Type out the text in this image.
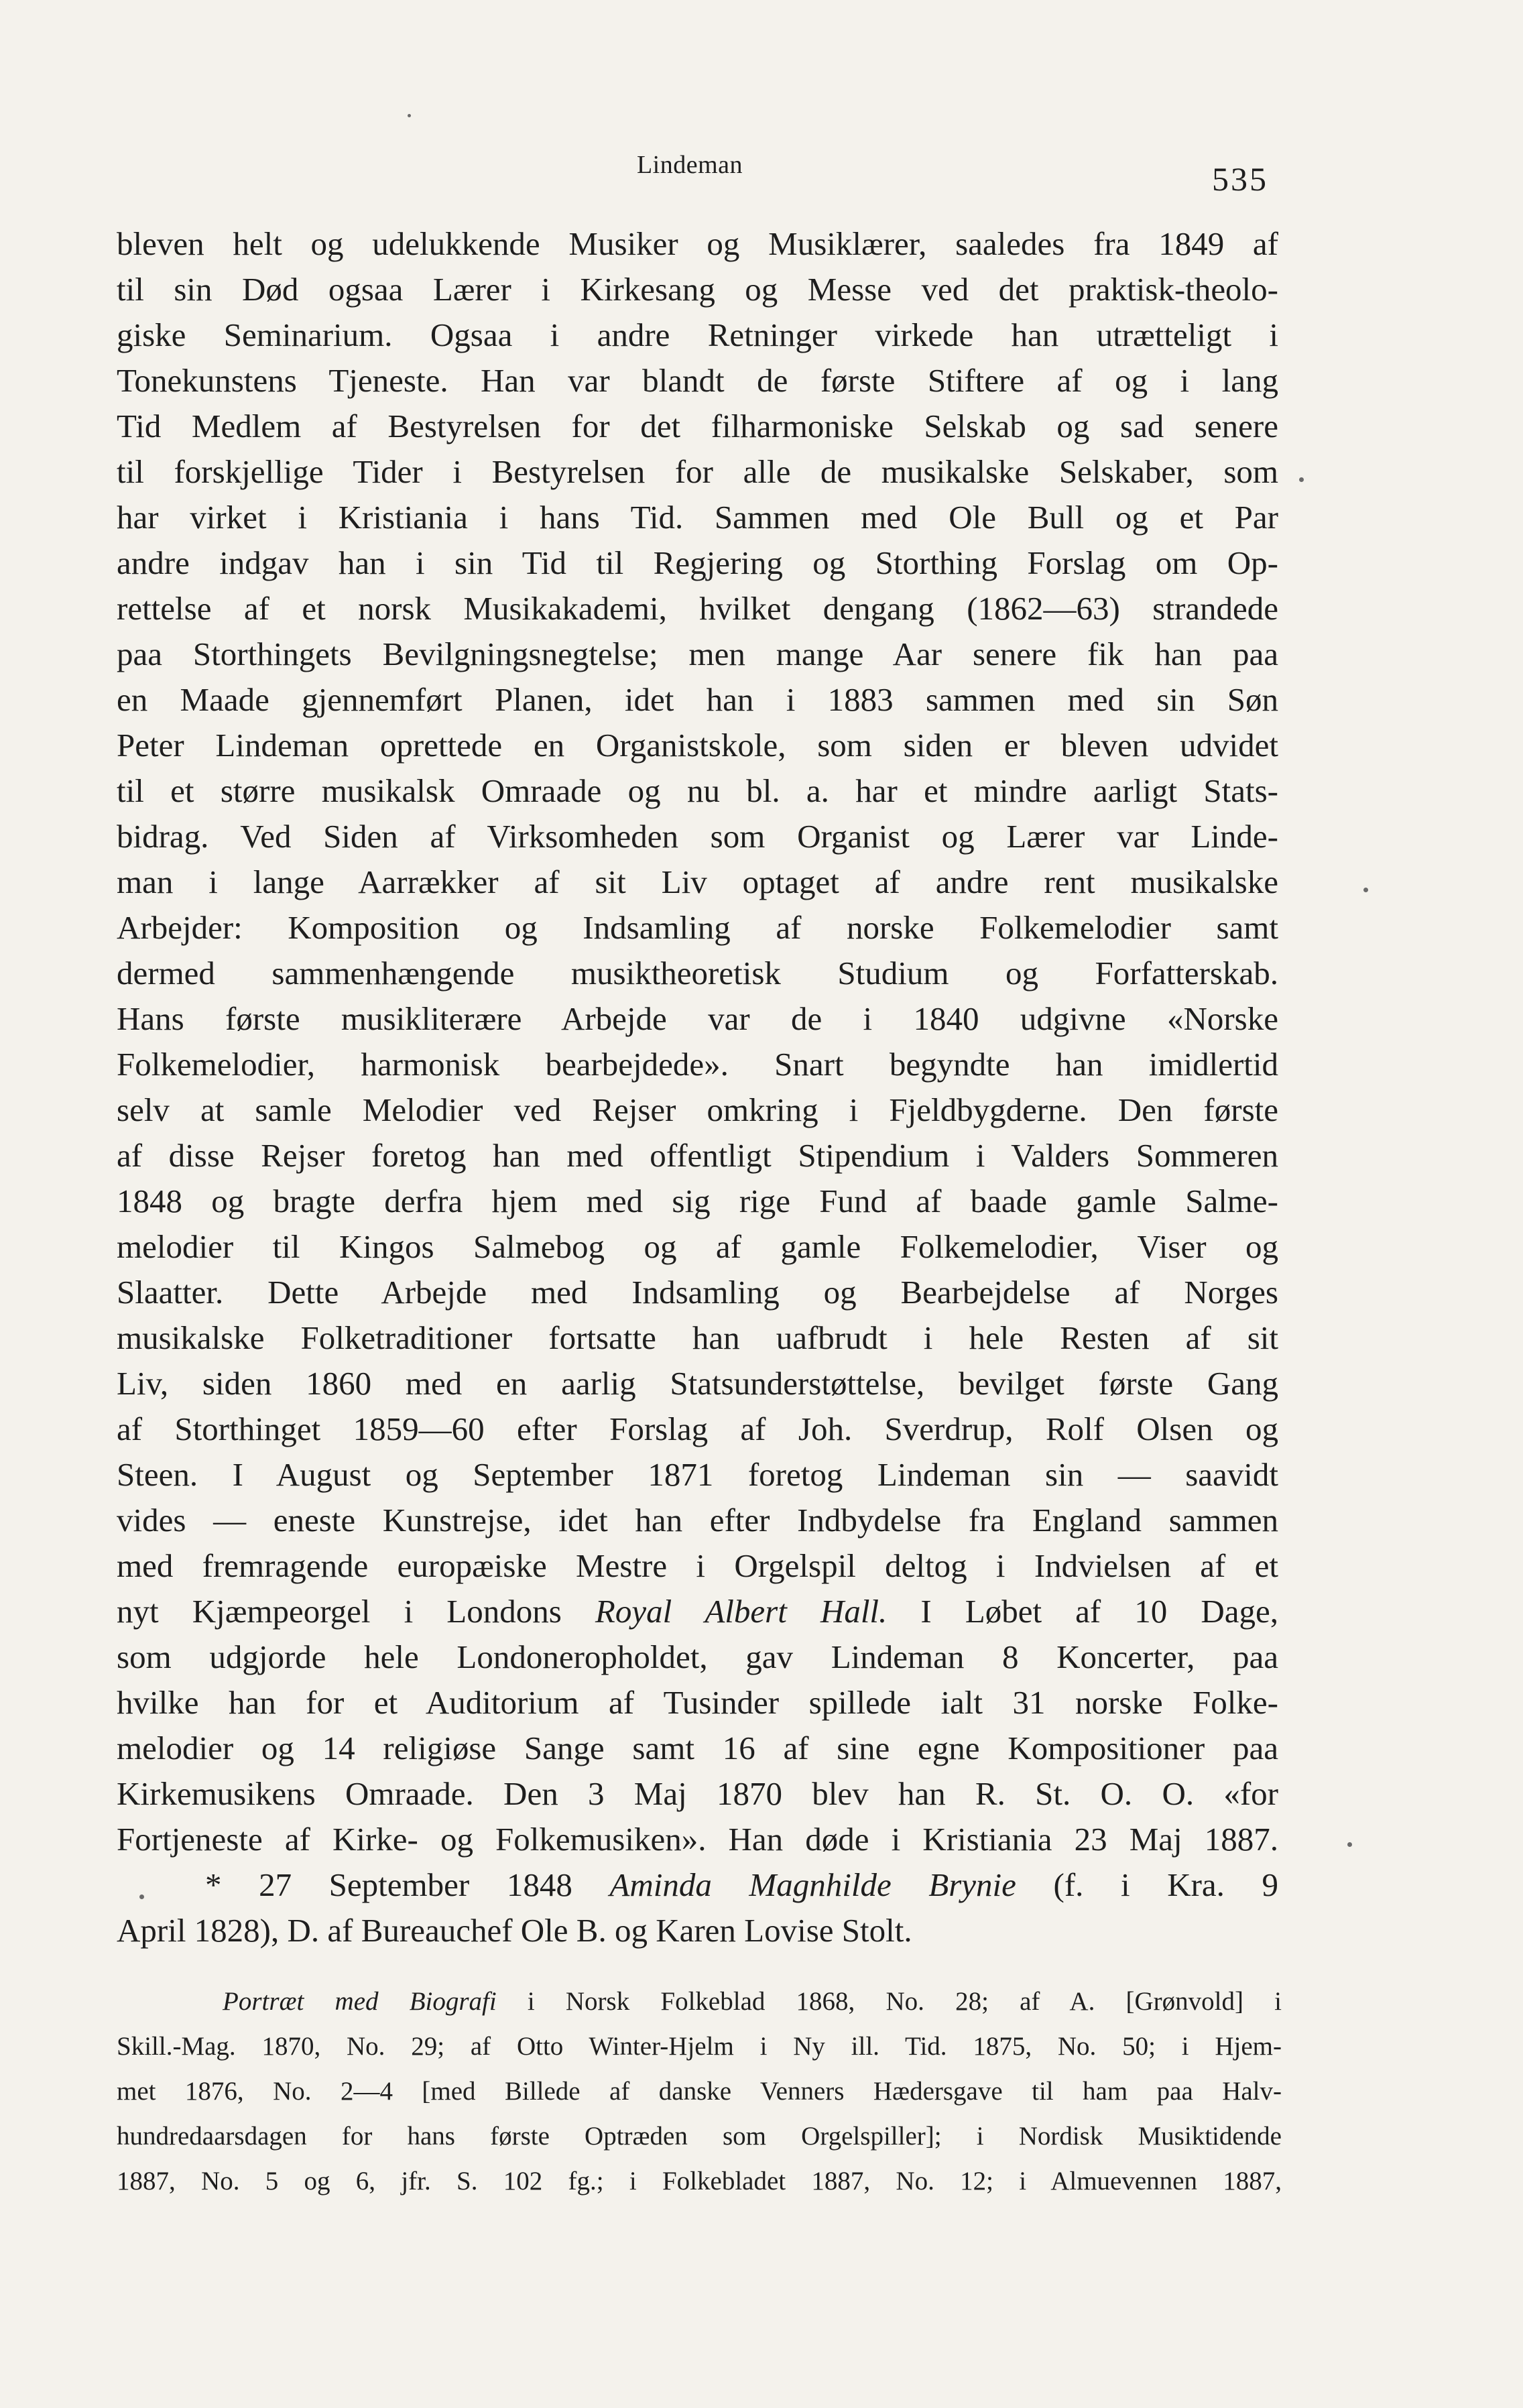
Lindeman	535
bleven helt og udelukkende Musiker og Musiklærer, saaledes fra 1849 af
til sin Død ogsaa Lærer i Kirkesang og Messe ved det praktisk-theolo-
giske Seminarium. Ogsaa i andre Retninger virkede han utrætteligt i
Tonekunstens Tjeneste. Han var blandt de første Stiftere af og i lang
Tid Medlem af Bestyrelsen for det filharmoniske Selskab og sad senere
til forskjellige Tider i Bestyrelsen for alle de musikalske Selskaber, som
har virket i Kristiania i hans Tid. Sammen med Ole Bull og et Par
andre indgav han i sin Tid til Regjering og Storthing Forslag om Op-
rettelse af et norsk Musikakademi, hvilket dengang (1862—63) strandede
paa Storthingets Bevilgningsnegtelse; men mange Aar senere fik han paa
en Maade gjennemført Planen, idet han i 1883 sammen med sin Søn
Peter Lindeman oprettede en Organistskole, som siden er bleven udvidet
til et større musikalsk Omraade og nu bl. a. har et mindre aarligt Stats-
bidrag. Ved Siden af Virksomheden som Organist og Lærer var Linde-
man i lange Aarrækker af sit Liv optaget af andre rent musikalske
Arbejder: Komposition og Indsamling af norske Folkemelodier samt
dermed sammenhængende musiktheoretisk Studium og Forfatterskab.
Hans første musikliterære Arbejde var de i 1840 udgivne «Norske
Folkemelodier, harmonisk bearbejdede». Snart begyndte han imidlertid
selv at samle Melodier ved Rejser omkring i Fjeldbygderne. Den første
af disse Rejser foretog han med offentligt Stipendium i Valders Sommeren
1848 og bragte derfra hjem med sig rige Fund af baade gamle Salme-
melodier til Kingos Salmebog og af gamle Folkemelodier, Viser og
Slaatter. Dette Arbejde med Indsamling og Bearbejdelse af Norges
musikalske Folketraditioner fortsatte han uafbrudt i hele Resten af sit
Liv, siden 1860 med en aarlig Statsunderstøttelse, bevilget første Gang
af Storthinget 1859—60 efter Forslag af Joh. Sverdrup, Rolf Olsen og
Steen. I August og September 1871 foretog Lindeman sin — saavidt
vides — eneste Kunstrejse, idet han efter Indbydelse fra England sammen
med fremragende europæiske Mestre i Orgelspil deltog i Indvielsen af et
nyt Kjæmpeorgel i Londons Royal Albert Hall. I Løbet af 10 Dage,
som udgjorde hele Londoneropholdet, gav Lindeman 8 Koncerter, paa
hvilke han for et Auditorium af Tusinder spillede ialt 31 norske Folke-
melodier og 14 religiøse Sange samt 16 af sine egne Kompositioner paa
Kirkemusikens Omraade. Den 3 Maj 1870 blev han R. St. O. O. «for
Fortjeneste af Kirke- og Folkemusiken». Han døde i Kristiania 23 Maj 1887.
* 27 September 1848 Aminda Magnhilde Brynie (f. i Kra. 9
April 1828), D. af Bureauchef Ole B. og Karen Lovise Stolt.
Portræt med Biografi i Norsk Folkeblad 1868, No. 28; af A. [Grønvold] i
Skill.-Mag. 1870, No. 29; af Otto Winter-Hjelm i Ny ill. Tid. 1875, No. 50; i Hjem-
met 1876, No. 2—4 [med Billede af danske Venners Hædersgave til ham paa Halv-
hundredaarsdagen for hans første Optræden som Orgelspiller]; i Nordisk Musiktidende
1887, No. 5 og 6, jfr. S. 102 fg.; i Folkebladet 1887, No. 12; i Almuevennen 1887,
